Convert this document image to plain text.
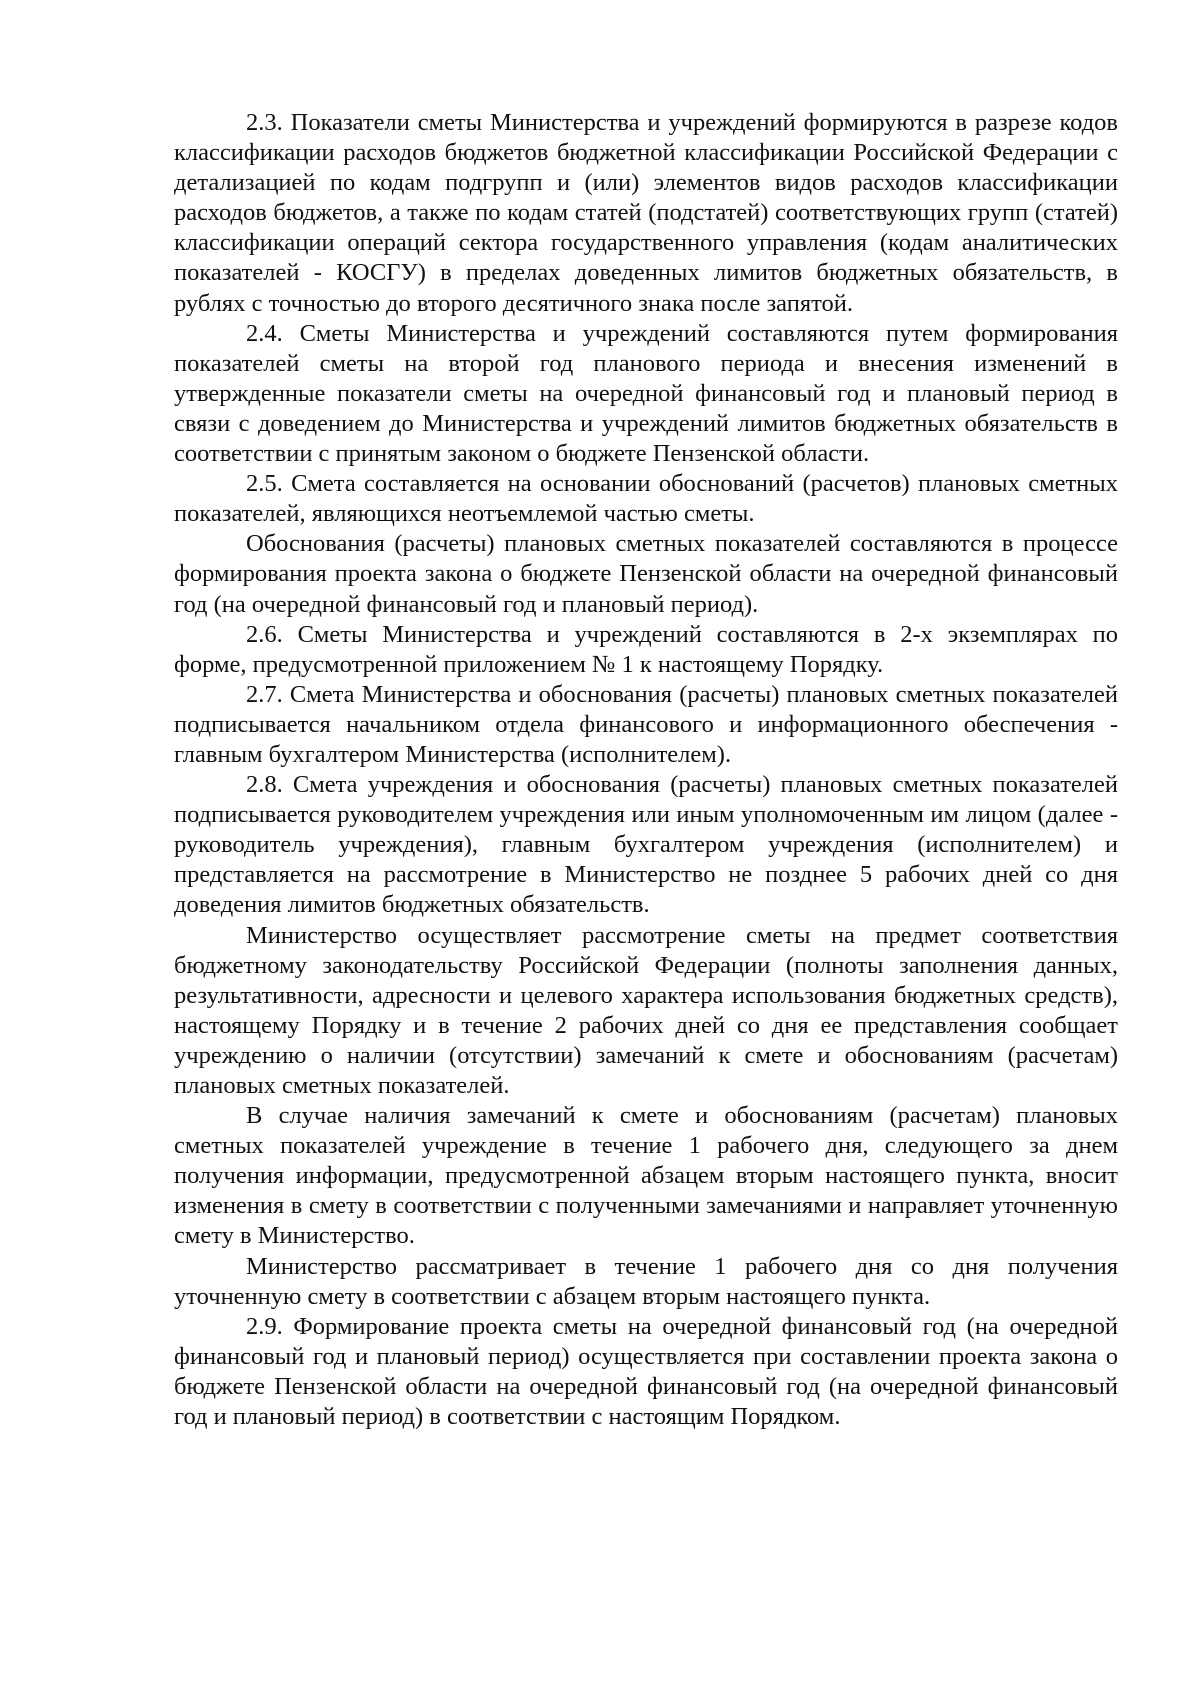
2.3. Показатели сметы Министерства и учреждений формируются в разрезе кодов классификации расходов бюджетов бюджетной классификации Российской Федерации с детализацией по кодам подгрупп и (или) элементов видов расходов классификации расходов бюджетов, а также по кодам статей (подстатей) соответствующих групп (статей) классификации операций сектора государственного управления (кодам аналитических показателей - КОСГУ) в пределах доведенных лимитов бюджетных обязательств, в рублях с точностью до второго десятичного знака после запятой.

2.4. Сметы Министерства и учреждений составляются путем формирования показателей сметы на второй год планового периода и внесения изменений в утвержденные показатели сметы на очередной финансовый год и плановый период в связи с доведением до Министерства и учреждений лимитов бюджетных обязательств в соответствии с принятым законом о бюджете Пензенской области.

2.5. Смета составляется на основании обоснований (расчетов) плановых сметных показателей, являющихся неотъемлемой частью сметы.

Обоснования (расчеты) плановых сметных показателей составляются в процессе формирования проекта закона о бюджете Пензенской области на очередной финансовый год (на очередной финансовый год и плановый период).

2.6. Сметы Министерства и учреждений составляются в 2-х экземплярах по форме, предусмотренной приложением № 1 к настоящему Порядку.

2.7. Смета Министерства и обоснования (расчеты) плановых сметных показателей подписывается начальником отдела финансового и информационного обеспечения - главным бухгалтером Министерства (исполнителем).

2.8. Смета учреждения и обоснования (расчеты) плановых сметных показателей подписывается руководителем учреждения или иным уполномоченным им лицом (далее - руководитель учреждения), главным бухгалтером учреждения (исполнителем) и представляется на рассмотрение в Министерство не позднее 5 рабочих дней со дня доведения лимитов бюджетных обязательств.

Министерство осуществляет рассмотрение сметы на предмет соответствия бюджетному законодательству Российской Федерации (полноты заполнения данных, результативности, адресности и целевого характера использования бюджетных средств), настоящему Порядку и в течение 2 рабочих дней со дня ее представления сообщает учреждению о наличии (отсутствии) замечаний к смете и обоснованиям (расчетам) плановых сметных показателей.

В случае наличия замечаний к смете и обоснованиям (расчетам) плановых сметных показателей учреждение в течение 1 рабочего дня, следующего за днем получения информации, предусмотренной абзацем вторым настоящего пункта, вносит изменения в смету в соответствии с полученными замечаниями и направляет уточненную смету в Министерство.

Министерство рассматривает в течение 1 рабочего дня со дня получения уточненную смету в соответствии с абзацем вторым настоящего пункта.

2.9. Формирование проекта сметы на очередной финансовый год (на очередной финансовый год и плановый период) осуществляется при составлении проекта закона о бюджете Пензенской области на очередной финансовый год (на очередной финансовый год и плановый период) в соответствии с настоящим Порядком.
